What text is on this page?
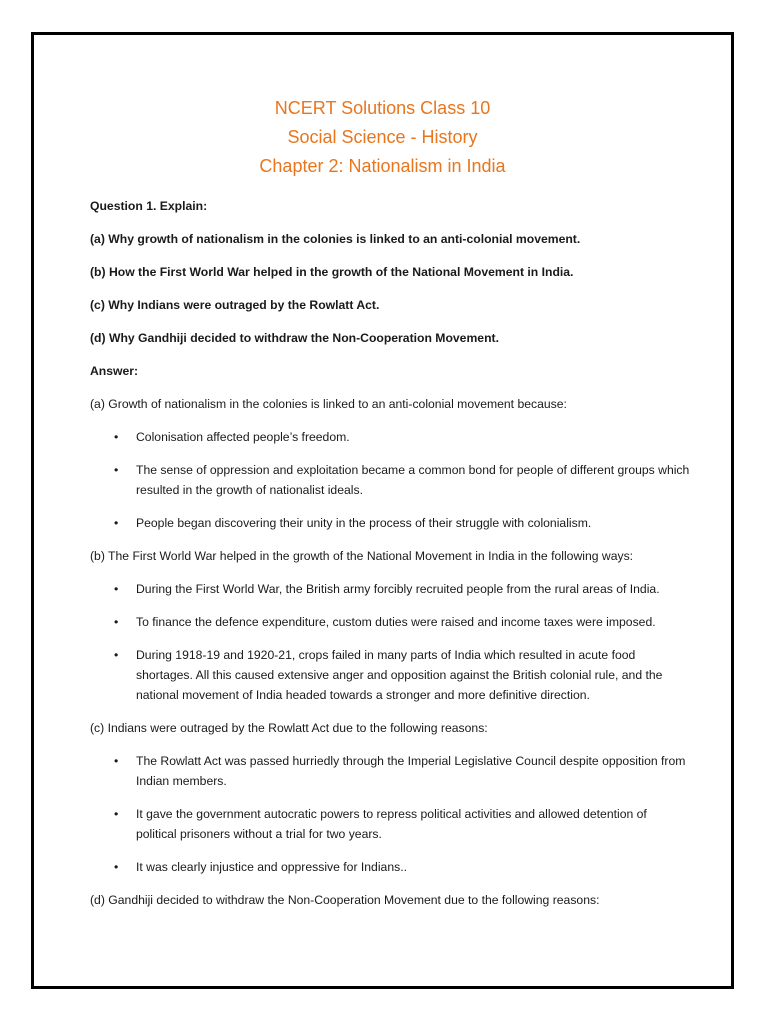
NCERT Solutions Class 10
Social Science - History
Chapter 2: Nationalism in India

Question 1. Explain:

(a) Why growth of nationalism in the colonies is linked to an anti-colonial movement.

(b) How the First World War helped in the growth of the National Movement in India.

(c) Why Indians were outraged by the Rowlatt Act.

(d) Why Gandhiji decided to withdraw the Non-Cooperation Movement.

Answer:

(a) Growth of nationalism in the colonies is linked to an anti-colonial movement because:

• Colonisation affected people’s freedom.
• The sense of oppression and exploitation became a common bond for people of different groups which resulted in the growth of nationalist ideals.
• People began discovering their unity in the process of their struggle with colonialism.

(b) The First World War helped in the growth of the National Movement in India in the following ways:

• During the First World War, the British army forcibly recruited people from the rural areas of India.
• To finance the defence expenditure, custom duties were raised and income taxes were imposed.
• During 1918-19 and 1920-21, crops failed in many parts of India which resulted in acute food shortages. All this caused extensive anger and opposition against the British colonial rule, and the national movement of India headed towards a stronger and more definitive direction.

(c) Indians were outraged by the Rowlatt Act due to the following reasons:

• The Rowlatt Act was passed hurriedly through the Imperial Legislative Council despite opposition from Indian members.
• It gave the government autocratic powers to repress political activities and allowed detention of political prisoners without a trial for two years.
• It was clearly injustice and oppressive for Indians..

(d) Gandhiji decided to withdraw the Non-Cooperation Movement due to the following reasons:
